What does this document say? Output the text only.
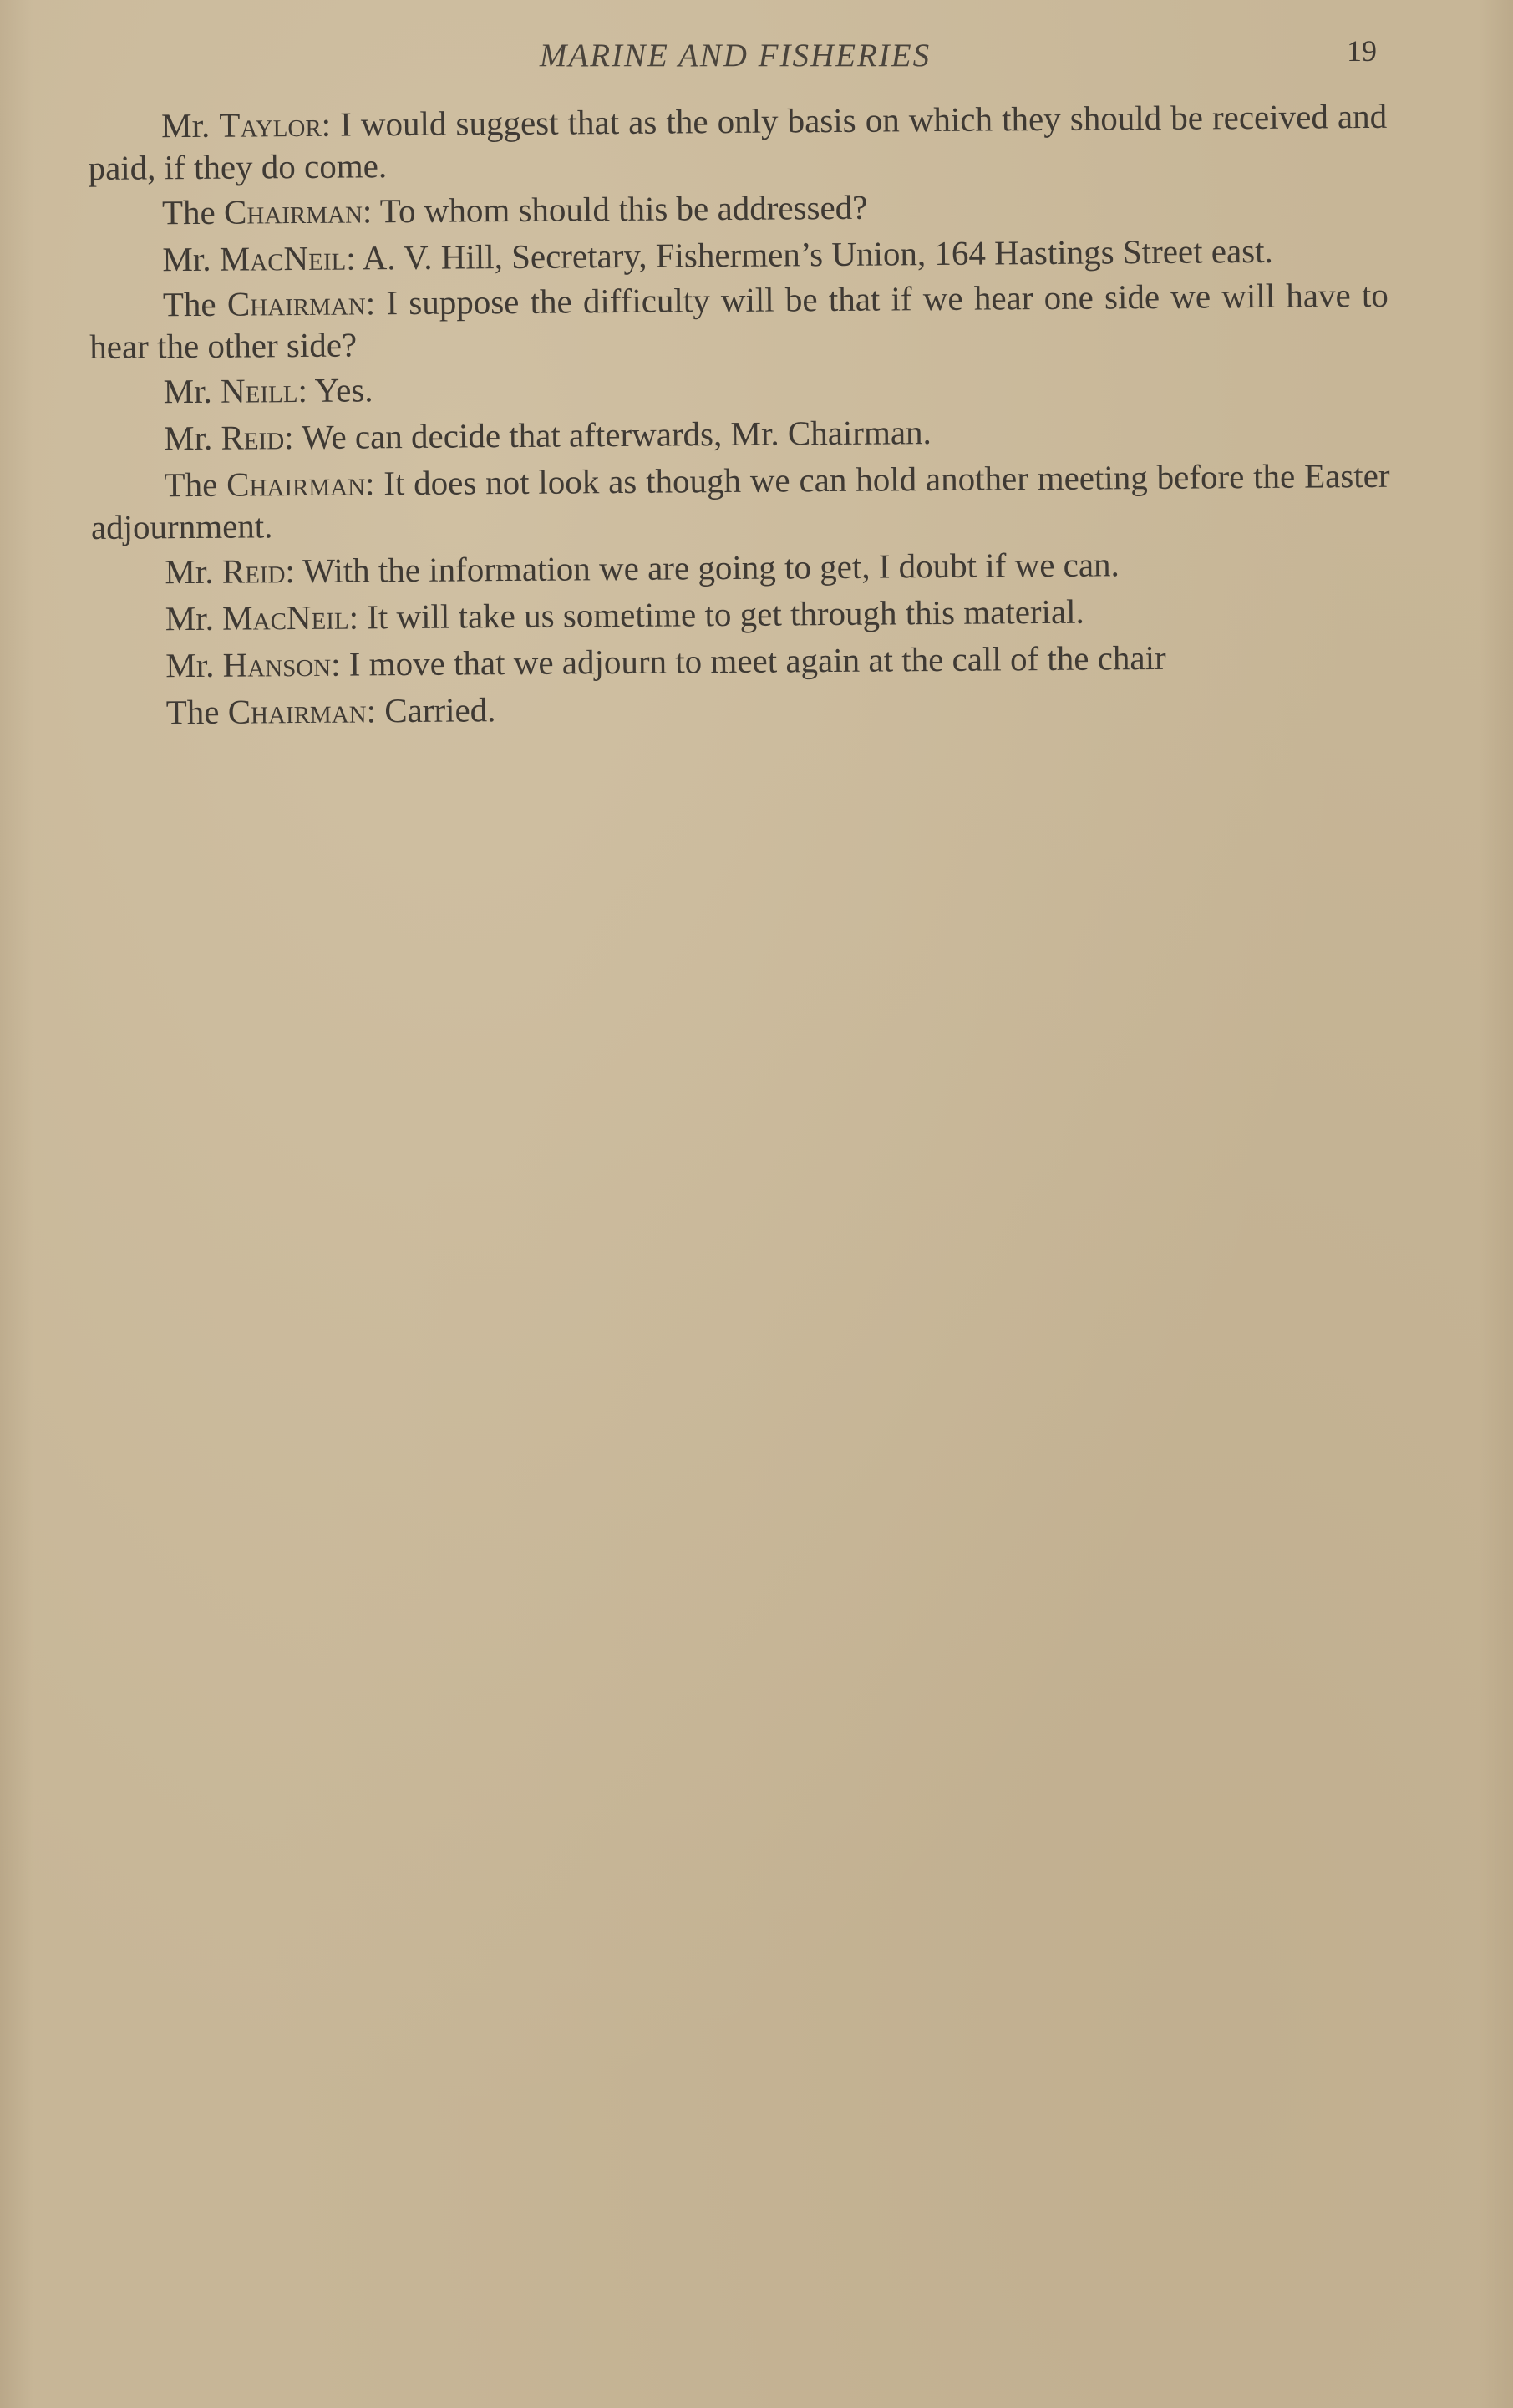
MARINE AND FISHERIES	19

Mr. Taylor: I would suggest that as the only basis on which they should be received and paid, if they do come.

The Chairman: To whom should this be addressed?

Mr. MacNeil: A. V. Hill, Secretary, Fishermen’s Union, 164 Hastings Street east.

The Chairman: I suppose the difficulty will be that if we hear one side we will have to hear the other side?

Mr. Neill: Yes.

Mr. Reid: We can decide that afterwards, Mr. Chairman.

The Chairman: It does not look as though we can hold another meeting before the Easter adjournment.

Mr. Reid: With the information we are going to get, I doubt if we can.

Mr. MacNeil: It will take us sometime to get through this material.

Mr. Hanson: I move that we adjourn to meet again at the call of the chair

The Chairman: Carried.
